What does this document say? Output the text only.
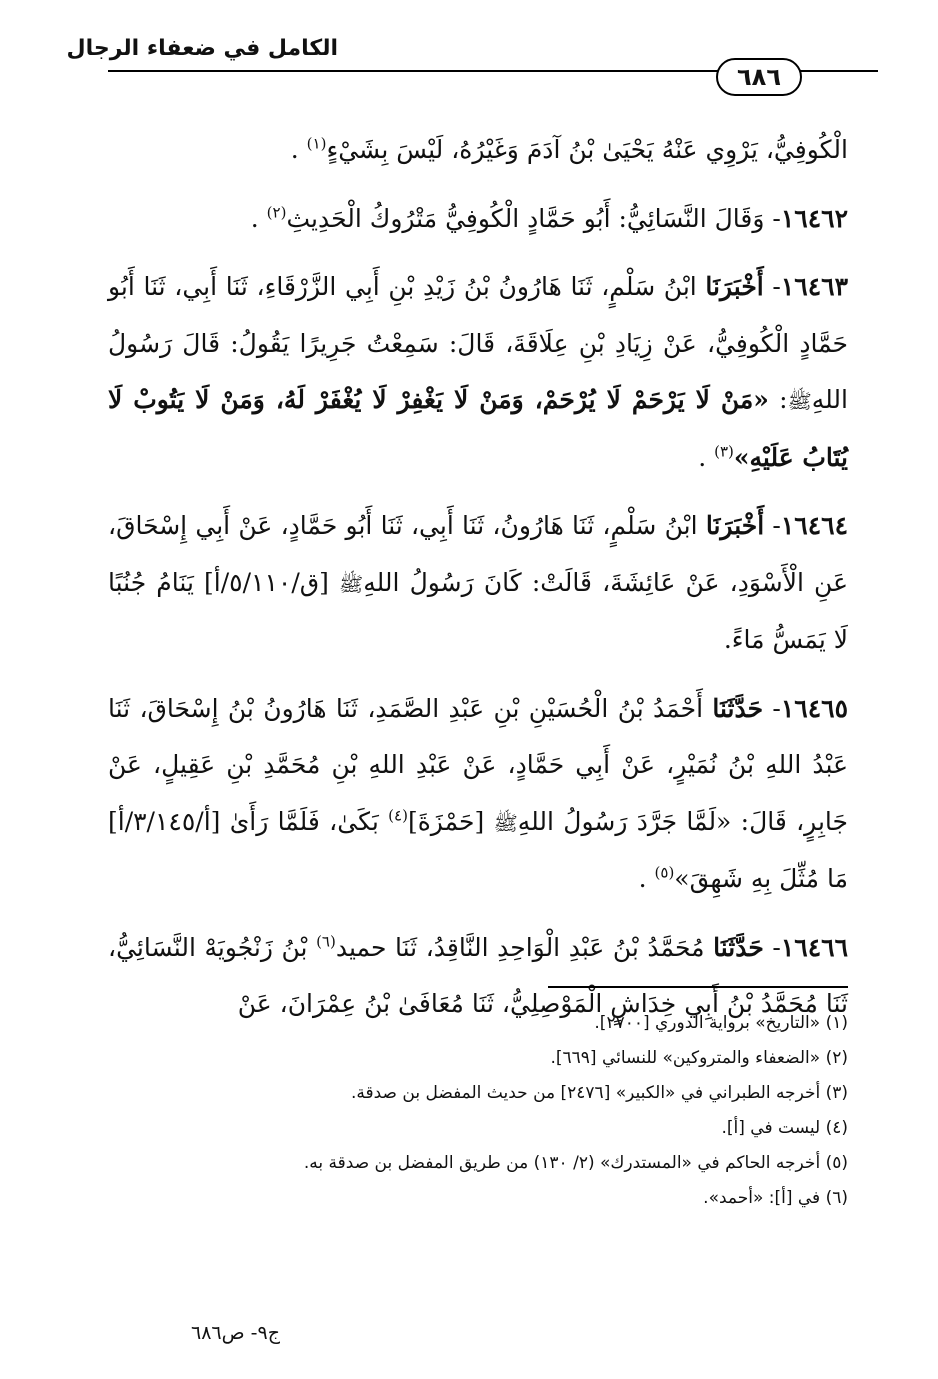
الكامل في ضعفاء الرجال
٦٨٦

الْكُوفِيُّ، يَرْوِي عَنْهُ يَحْيَىٰ بْنُ آدَمَ وَغَيْرُهُ، لَيْسَ بِشَيْءٍ$^{(١)}$ .

١٦٤٦٢- وَقَالَ النَّسَائِيُّ: أَبُو حَمَّادٍ الْكُوفِيُّ مَتْرُوكُ الْحَدِيثِ$^{(٢)}$ .

١٦٤٦٣- أَخْبَرَنَا ابْنُ سَلْمٍ، ثَنَا هَارُونُ بْنُ زَيْدِ بْنِ أَبِي الزَّرْقَاءِ، ثَنَا أَبِي، ثَنَا أَبُو حَمَّادٍ الْكُوفِيُّ، عَنْ زِيَادِ بْنِ عِلَاقَةَ، قَالَ: سَمِعْتُ جَرِيرًا يَقُولُ: قَالَ رَسُولُ اللهِﷺ: «مَنْ لَا يَرْحَمْ لَا يُرْحَمْ، وَمَنْ لَا يَغْفِرْ لَا يُغْفَرْ لَهُ، وَمَنْ لَا يَتُوبْ لَا يُتَابُ عَلَيْهِ»$^{(٣)}$ .

١٦٤٦٤- أَخْبَرَنَا ابْنُ سَلْمٍ، ثَنَا هَارُونُ، ثَنَا أَبِي، ثَنَا أَبُو حَمَّادٍ، عَنْ أَبِي إِسْحَاقَ، عَنِ الْأَسْوَدِ، عَنْ عَائِشَةَ، قَالَتْ: كَانَ رَسُولُ اللهِﷺ [ق/٥/١١٠/أ] يَنَامُ جُنُبًا لَا يَمَسُّ مَاءً.

١٦٤٦٥- حَدَّثَنَا أَحْمَدُ بْنُ الْحُسَيْنِ بْنِ عَبْدِ الصَّمَدِ، ثَنَا هَارُونُ بْنُ إِسْحَاقَ، ثَنَا عَبْدُ اللهِ بْنُ نُمَيْرٍ، عَنْ أَبِي حَمَّادٍ، عَنْ عَبْدِ اللهِ بْنِ مُحَمَّدِ بْنِ عَقِيلٍ، عَنْ جَابِرٍ، قَالَ: «لَمَّا جَرَّدَ رَسُولُ اللهِﷺ [حَمْزَةَ]$^{(٤)}$ بَكَىٰ، فَلَمَّا رَأَىٰ [أ/٣/١٤٥/أ] مَا مُثِّلَ بِهِ شَهِقَ»$^{(٥)}$ .

١٦٤٦٦- حَدَّثَنَا مُحَمَّدُ بْنُ عَبْدِ الْوَاحِدِ النَّاقِدُ، ثَنَا حميد$^{(٦)}$ بْنُ زَنْجُويَهْ النَّسَائِيُّ، ثَنَا مُحَمَّدُ بْنُ أَبِي خِدَاشٍ الْمَوْصِلِيُّ، ثَنَا مُعَافَىٰ بْنُ عِمْرَانَ، عَنْ

(١) «التاريخ» برواية الدوري [٢٧٠٠].
(٢) «الضعفاء والمتروكين» للنسائي [٦٦٩].
(٣) أخرجه الطبراني في «الكبير» [٢٤٧٦] من حديث المفضل بن صدقة.
(٤) ليست في [أ].
(٥) أخرجه الحاكم في «المستدرك» (٢/ ١٣٠) من طريق المفضل بن صدقة به.
(٦) في [أ]: «أحمد».
ج٩- ص٦٨٦
